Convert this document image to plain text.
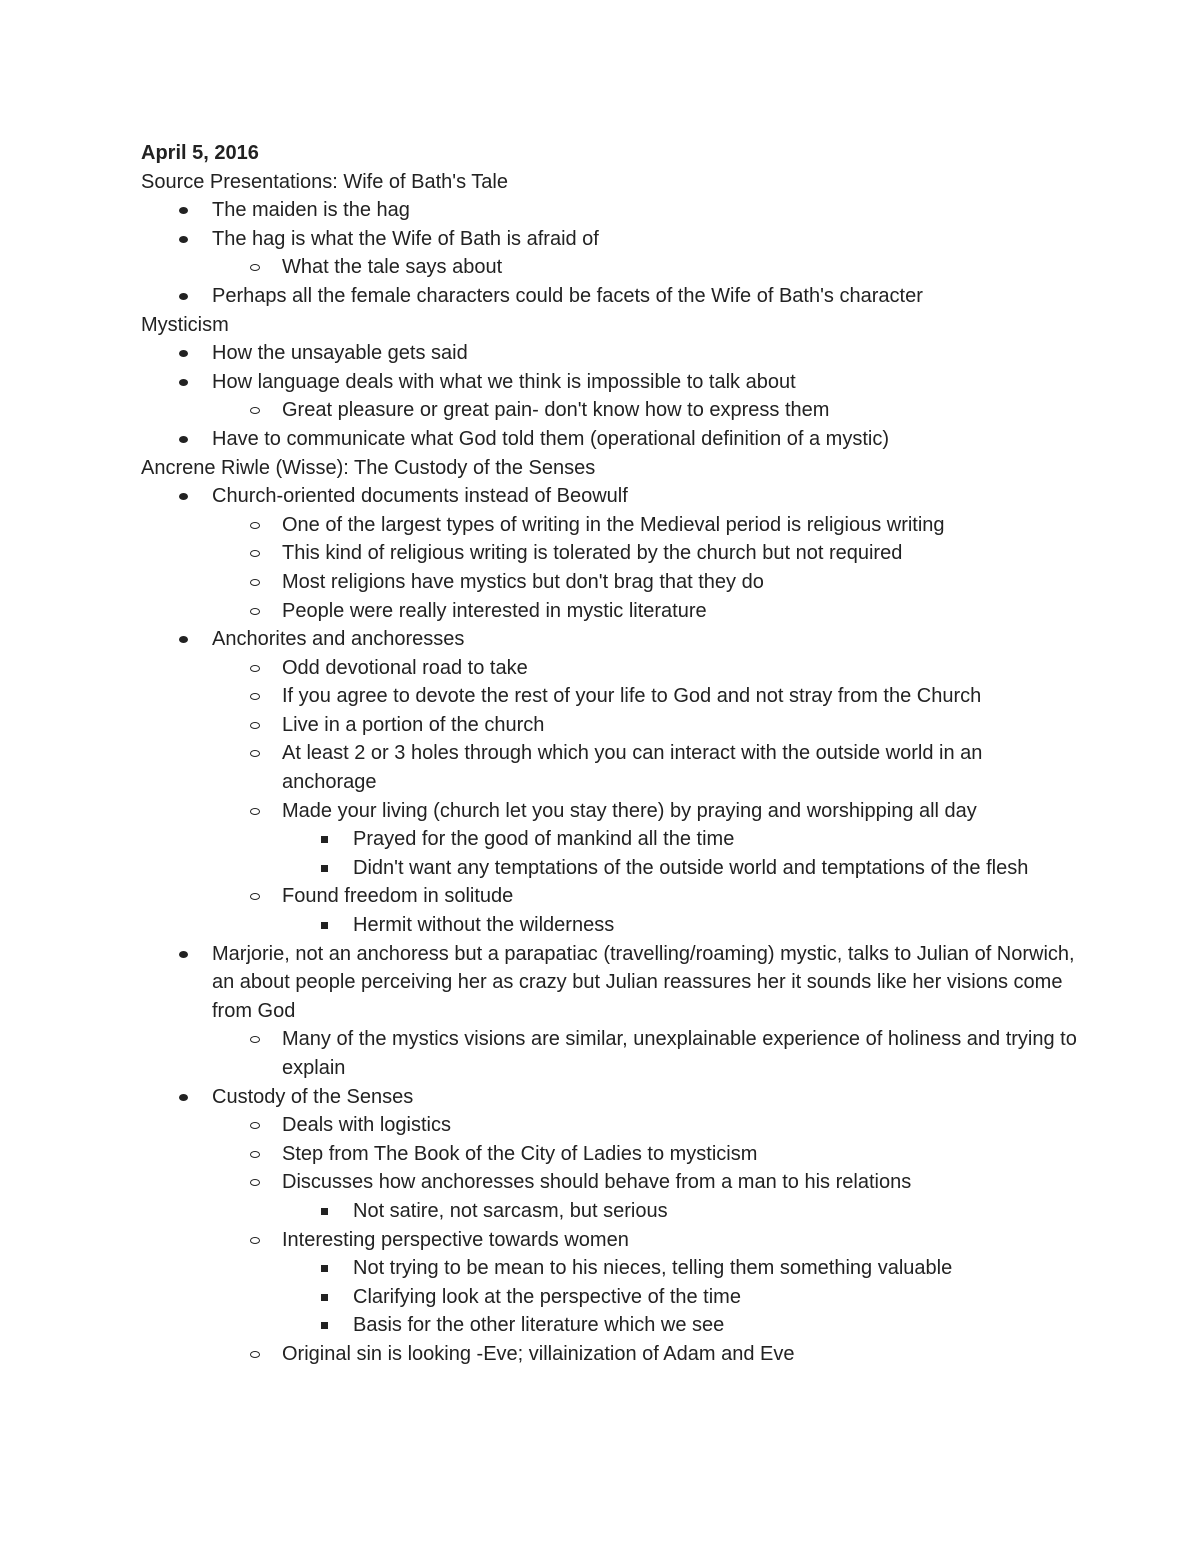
April 5, 2016
Source Presentations: Wife of Bath's Tale
The maiden is the hag
The hag is what the Wife of Bath is afraid of
What the tale says about
Perhaps all the female characters could be facets of the Wife of Bath's character
Mysticism
How the unsayable gets said
How language deals with what we think is impossible to talk about
Great pleasure or great pain- don't know how to express them
Have to communicate what God told them (operational definition of a mystic)
Ancrene Riwle (Wisse): The Custody of the Senses
Church-oriented documents instead of Beowulf
One of the largest types of writing in the Medieval period is religious writing
This kind of religious writing is tolerated by the church but not required
Most religions have mystics but don't brag that they do
People were really interested in mystic literature
Anchorites and anchoresses
Odd devotional road to take
If you agree to devote the rest of your life to God and not stray from the Church
Live in a portion of the church
At least 2 or 3 holes through which you can interact with the outside world in an anchorage
Made your living (church let you stay there) by praying and worshipping all day
Prayed for the good of mankind all the time
Didn't want any temptations of the outside world and temptations of the flesh
Found freedom in solitude
Hermit without the wilderness
Marjorie, not an anchoress but a parapatiac (travelling/roaming) mystic, talks to Julian of Norwich, an about people perceiving her as crazy but Julian reassures her it sounds like her visions come from God
Many of the mystics visions are similar, unexplainable experience of holiness and trying to explain
Custody of the Senses
Deals with logistics
Step from The Book of the City of Ladies to mysticism
Discusses how anchoresses should behave from a man to his relations
Not satire, not sarcasm, but serious
Interesting perspective towards women
Not trying to be mean to his nieces, telling them something valuable
Clarifying look at the perspective of the time
Basis for the other literature which we see
Original sin is looking -Eve; villainization of Adam and Eve
